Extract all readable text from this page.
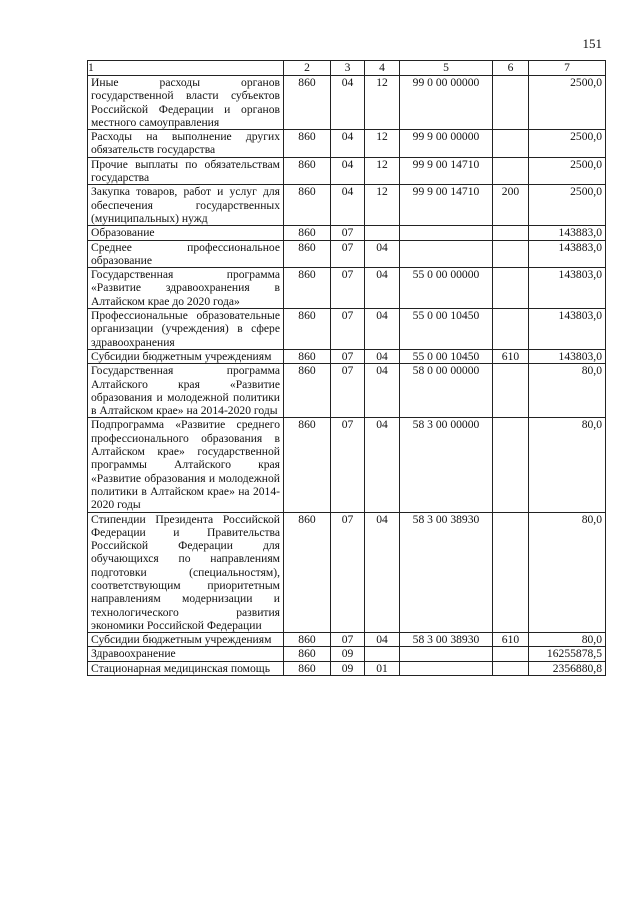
151
1	2	3	4	5	6	7
Иные расходы органов государственной власти субъектов Российской Федерации и органов местного самоуправления	860	04	12	99 0 00 00000		2500,0
Расходы на выполнение других обязательств государства	860	04	12	99 9 00 00000		2500,0
Прочие выплаты по обязательствам государства	860	04	12	99 9 00 14710		2500,0
Закупка товаров, работ и услуг для обеспечения государственных (муниципальных) нужд	860	04	12	99 9 00 14710	200	2500,0
Образование	860	07				143883,0
Среднее профессиональное образование	860	07	04			143883,0
Государственная программа «Развитие здравоохранения в Алтайском крае до 2020 года»	860	07	04	55 0 00 00000		143803,0
Профессиональные образовательные организации (учреждения) в сфере здравоохранения	860	07	04	55 0 00 10450		143803,0
Субсидии бюджетным учреждениям	860	07	04	55 0 00 10450	610	143803,0
Государственная программа Алтайского края «Развитие образования и молодежной политики в Алтайском крае» на 2014-2020 годы	860	07	04	58 0 00 00000		80,0
Подпрограмма «Развитие среднего профессионального образования в Алтайском крае» государственной программы Алтайского края «Развитие образования и молодежной политики в Алтайском крае» на 2014-2020 годы	860	07	04	58 3 00 00000		80,0
Стипендии Президента Российской Федерации и Правительства Российской Федерации для обучающихся по направлениям подготовки (специальностям), соответствующим приоритетным направлениям модернизации и технологического развития экономики Российской Федерации	860	07	04	58 3 00 38930		80,0
Субсидии бюджетным учреждениям	860	07	04	58 3 00 38930	610	80,0
Здравоохранение	860	09				16255878,5
Стационарная медицинская помощь	860	09	01			2356880,8
